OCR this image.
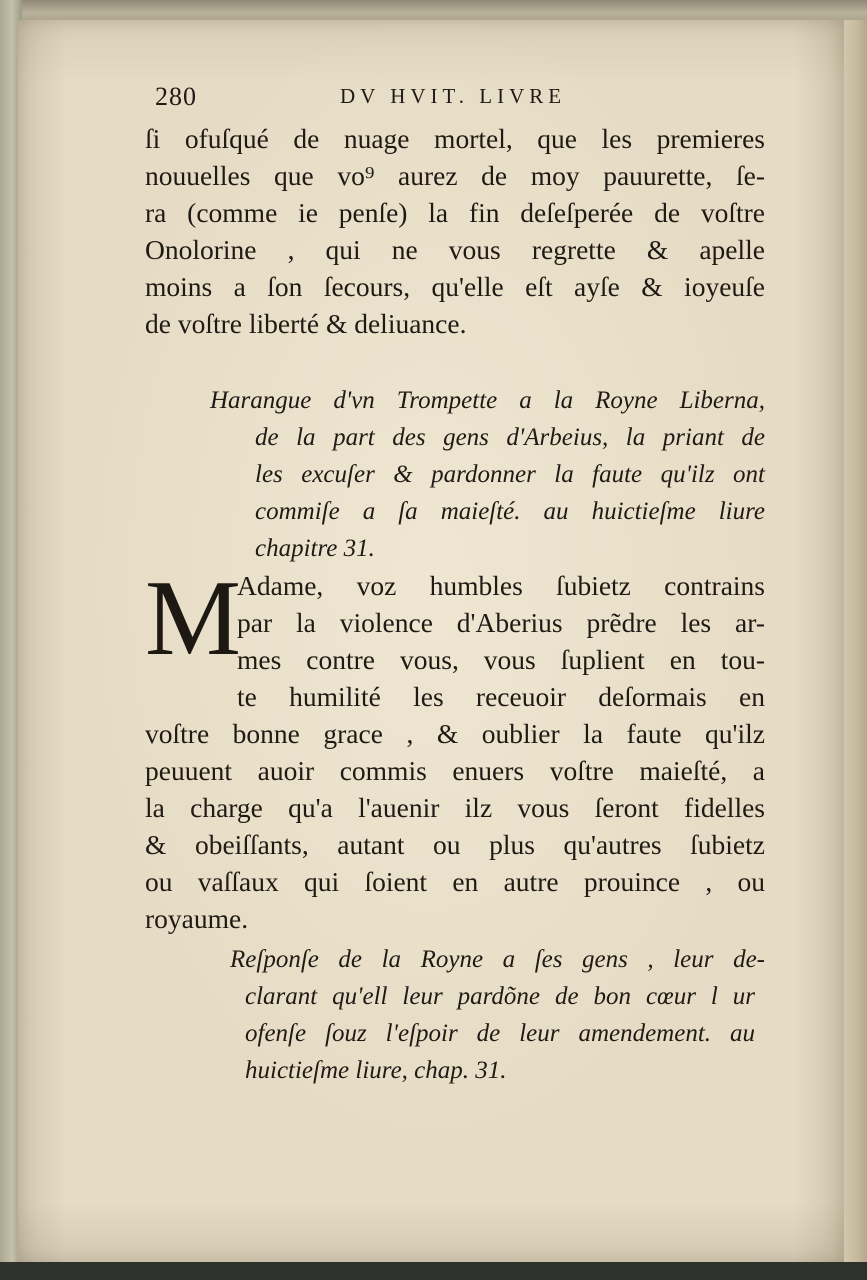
280	DV HVIT. LIVRE
ſi ofuſqué de nuage mortel, que les premieres
nouuelles que vo⁹ aurez de moy pauurette, ſe-
ra (comme ie penſe) la fin deſeſperée de voſtre
Onolorine , qui ne vous regrette & apelle
moins a ſon ſecours, qu'elle eſt ayſe & ioyeuſe
de voſtre liberté & deliuance.
Harangue d'vn Trompette a la Royne Liberna,
de la part des gens d'Arbeius, la priant de
les excuſer & pardonner la faute qu'ilz ont
commiſe a ſa maieſté. au huictieſme liure
chapitre 31.
M
Adame, voz humbles ſubietz contrains
par la violence d'Aberius prẽdre les ar-
mes contre vous, vous ſuplient en tou-
te humilité les receuoir deſormais en
voſtre bonne grace , & oublier la faute qu'ilz
peuuent auoir commis enuers voſtre maieſté, a
la charge qu'a l'auenir ilz vous ſeront fidelles
& obeiſſants, autant ou plus qu'autres ſubietz
ou vaſſaux qui ſoient en autre prouince , ou
royaume.
Reſponſe de la Royne a ſes gens , leur de-
clarant qu'ell leur pardõne de bon cœur l ur
ofenſe ſouz l'eſpoir de leur amendement. au
huictieſme liure, chap. 31.
